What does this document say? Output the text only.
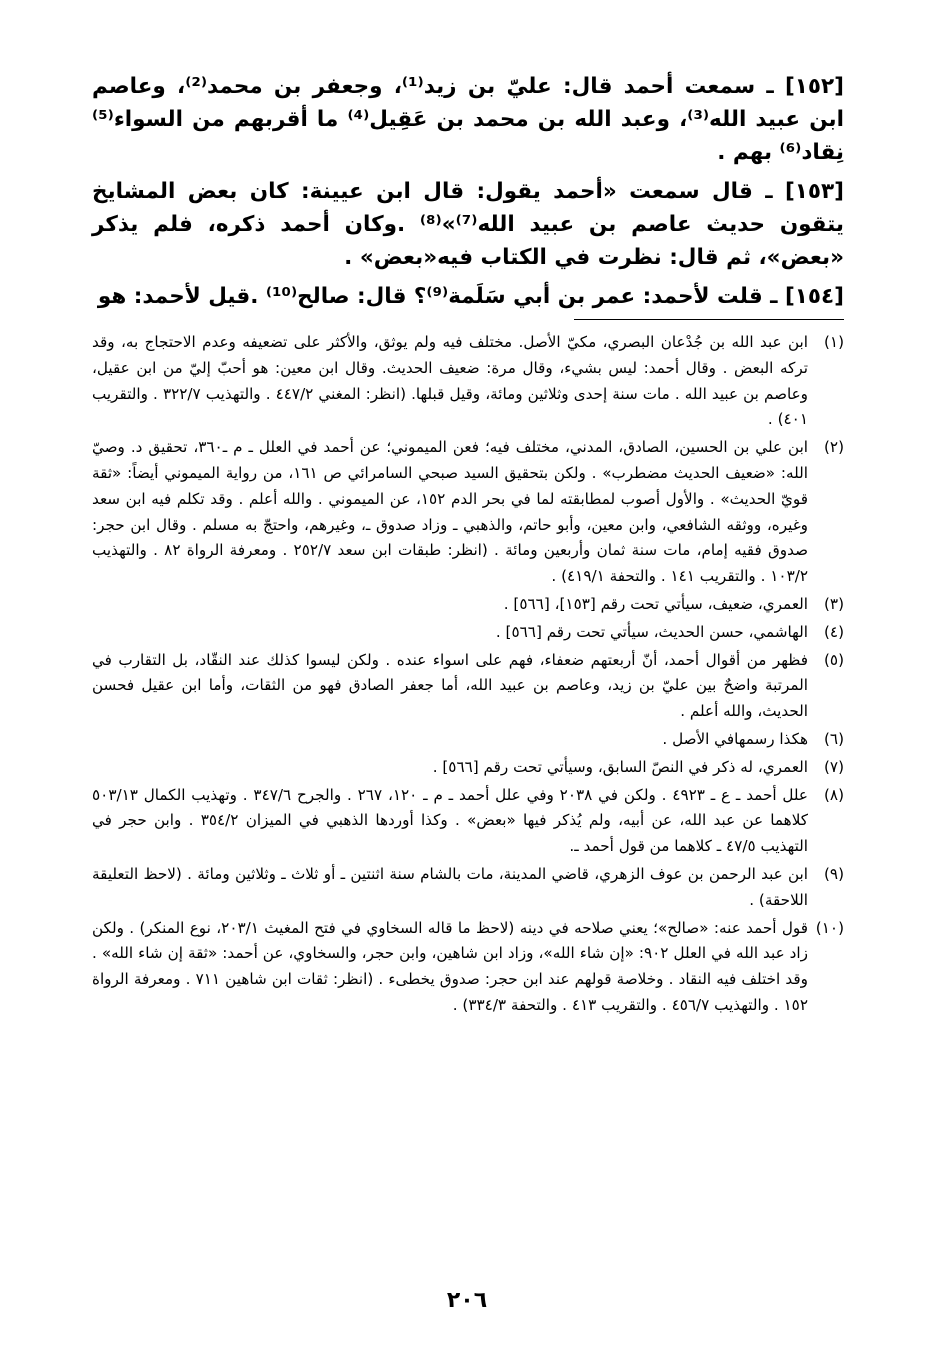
[١٥٢] ـ سمعت أحمد قال: عليّ بن زيد⁽¹⁾، وجعفر بن محمد⁽²⁾، وعاصم ابن عبيد الله⁽³⁾، وعبد الله بن محمد بن عَقِيل⁽⁴⁾ ما أقربهم من السواء⁽⁵⁾ نِقاد⁽⁶⁾ بهم .

[١٥٣] ـ قال سمعت «أحمد يقول: قال ابن عيينة: كان بعض المشايخ يتقون حديث عاصم بن عبيد الله⁽⁷⁾»⁽⁸⁾ .وكان أحمد ذكره، فلم يذكر «بعض»، ثم قال: نظرت في الكتاب فيه«بعض» .

[١٥٤] ـ قلت لأحمد: عمر بن أبي سَلَمة⁽⁹⁾؟ قال: صالح⁽¹⁰⁾ .قيل لأحمد: هو

(١)
ابن عبد الله بن جُدْعان البصري، مكيّ الأصل. مختلف فيه ولم يوثق، والأكثر على تضعيفه وعدم الاحتجاج به، وقد تركه البعض . وقال أحمد: ليس بشيء، وقال مرة: ضعيف الحديث. وقال ابن معين: هو أحبّ إليّ من ابن عقيل، وعاصم بن عبيد الله . مات سنة إحدى وثلاثين ومائة، وقيل قبلها. (انظر: المغني ٤٤٧/٢ . والتهذيب ٣٢٢/٧ . والتقريب ٤٠١) .
(٢)
ابن علي بن الحسين، الصادق، المدني، مختلف فيه؛ فعن الميموني؛ عن أحمد في العلل ـ م ـ٣٦٠، تحقيق د. وصيّ الله: «ضعيف الحديث مضطرب» . ولكن بتحقيق السيد صبحي السامرائي ص ١٦١، من رواية الميموني أيضاً: «ثقة قويّ الحديث» . والأول أصوب لمطابقته لما في بحر الدم ١٥٢، عن الميموني . والله أعلم . وقد تكلم فيه ابن سعد وغيره، ووثقه الشافعي، وابن معين، وأبو حاتم، والذهبي ـ وزاد صدوق ـ، وغيرهم، واحتجّ به مسلم . وقال ابن حجر: صدوق فقيه إمام، مات سنة ثمان وأربعين ومائة . (انظر: طبقات ابن سعد ٢٥٢/٧ . ومعرفة الرواة ٨٢ . والتهذيب ١٠٣/٢ . والتقريب ١٤١ . والتحفة ٤١٩/١) .
(٣)
العمري، ضعيف، سيأتي تحت رقم [١٥٣]، [٥٦٦] .
(٤)
الهاشمي، حسن الحديث، سيأتي تحت رقم [٥٦٦] .
(٥)
فظهر من أقوال أحمد، أنّ أربعتهم ضعفاء، فهم على اسواء عنده . ولكن ليسوا كذلك عند النقّاد، بل التقارب في المرتبة واضحٌ بين عليّ بن زيد، وعاصم بن عبيد الله، أما جعفر الصادق فهو من الثقات، وأما ابن عقيل فحسن الحديث، والله أعلم .
(٦)
هكذا رسمهافي الأصل .
(٧)
العمري، له ذكر في النصّ السابق، وسيأتي تحت رقم [٥٦٦] .
(٨)
علل أحمد ـ ع ـ ٤٩٢٣ . ولكن في ٢٠٣٨ وفي علل أحمد ـ م ـ ١٢٠، ٢٦٧ . والجرح ٣٤٧/٦ . وتهذيب الكمال ٥٠٣/١٣ كلاهما عن عبد الله، عن أبيه، ولم يُذكر فيها «بعض» . وكذا أوردها الذهبي في الميزان ٣٥٤/٢ . وابن حجر في التهذيب ٤٧/٥ ـ كلاهما من قول أحمد ـ.
(٩)
ابن عبد الرحمن بن عوف الزهري، قاضي المدينة، مات بالشام سنة اثنتين ـ أو ثلاث ـ وثلاثين ومائة . (لاحظ التعليقة اللاحقة) .
(١٠)
قول أحمد عنه: «صالح»؛ يعني صلاحه في دينه (لاحظ ما قاله السخاوي في فتح المغيث ٢٠٣/١، نوع المنكر) . ولكن زاد عبد الله في العلل ٩٠٢: «إن شاء الله»، وزاد ابن شاهين، وابن حجر، والسخاوي، عن أحمد: «ثقة إن شاء الله» . وقد اختلف فيه النقاد . وخلاصة قولهم عند ابن حجر: صدوق يخطىء . (انظر: ثقات ابن شاهين ٧١١ . ومعرفة الرواة ١٥٢ . والتهذيب ٤٥٦/٧ . والتقريب ٤١٣ . والتحفة ٣٣٤/٣) .
٢٠٦
